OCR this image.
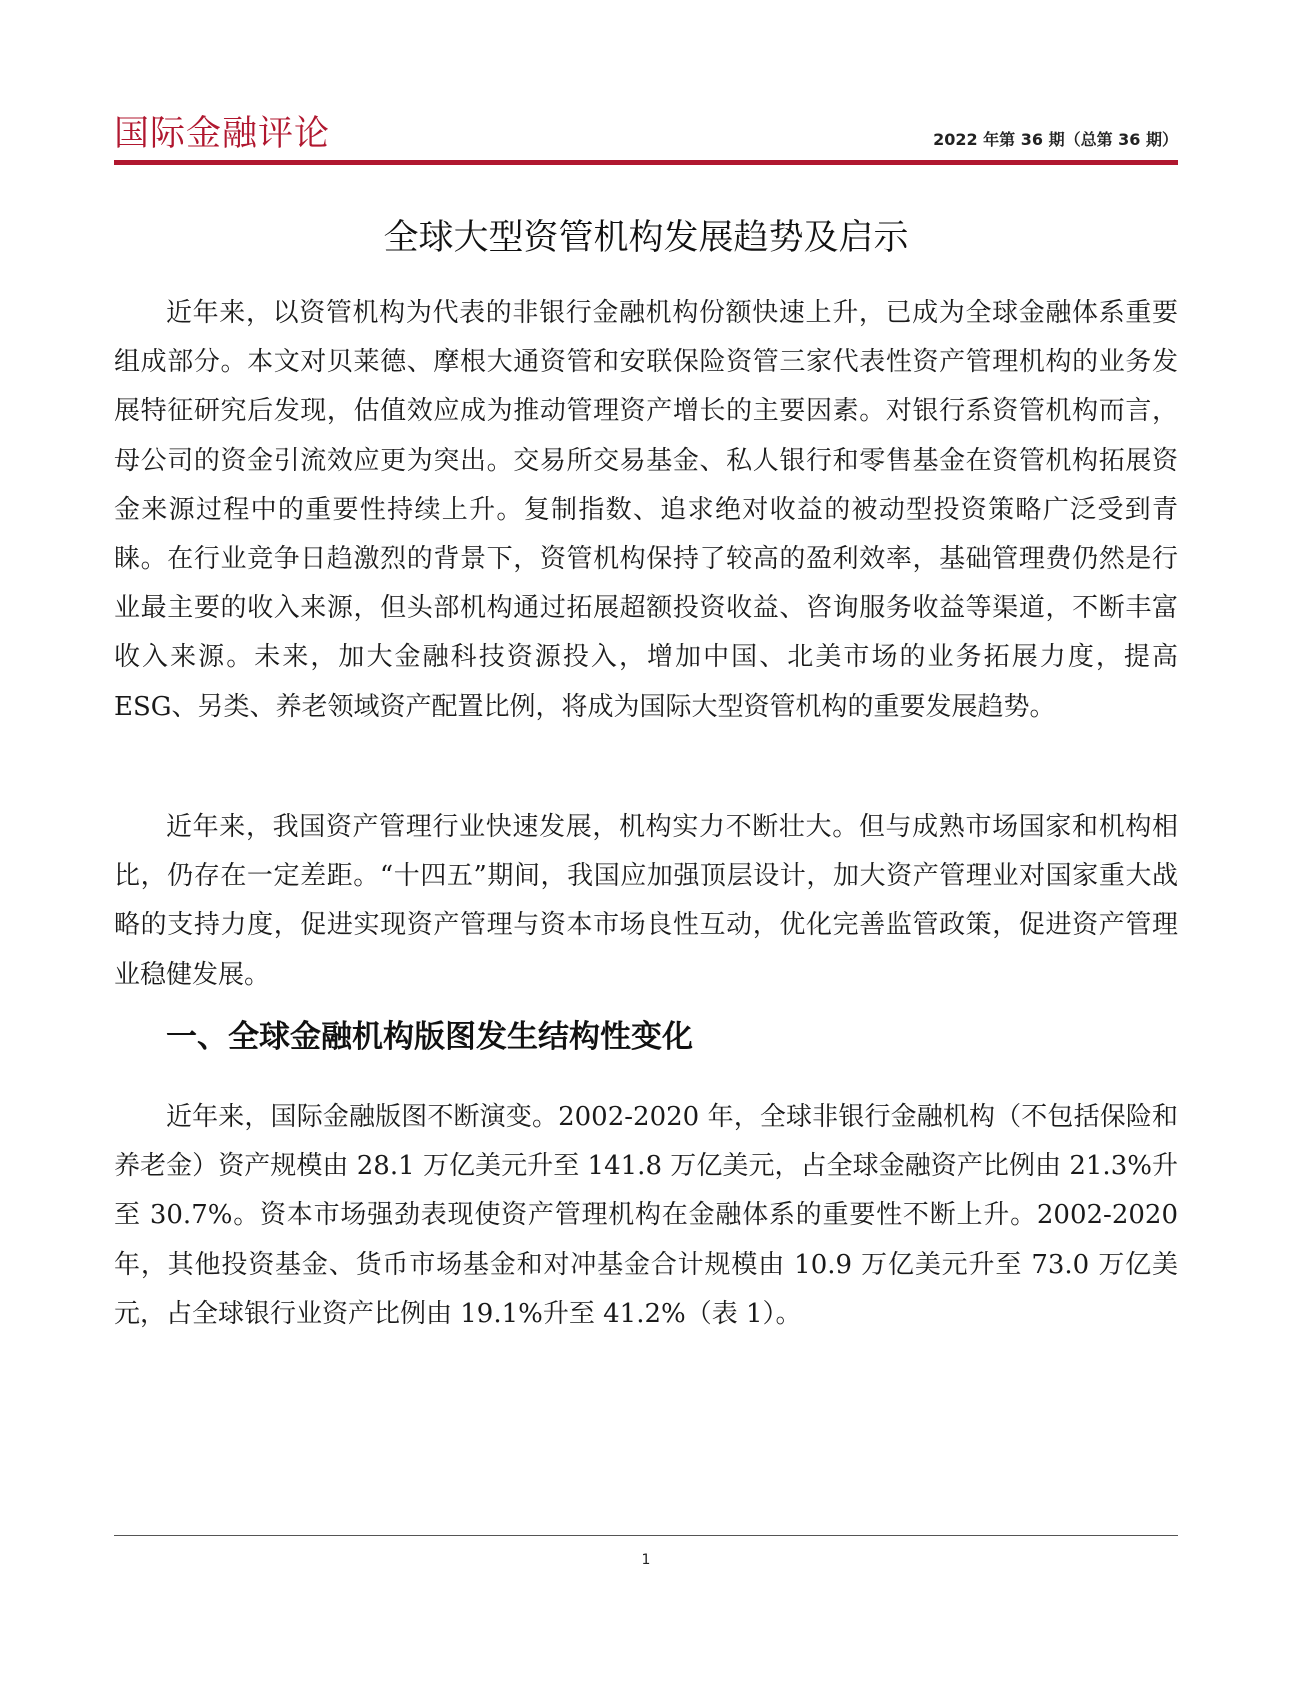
国际金融评论	2022 年第 36 期（总第 36 期）
全球大型资管机构发展趋势及启示

近年来，以资管机构为代表的非银行金融机构份额快速上升，已成为全球金融体系重要组成部分。本文对贝莱德、摩根大通资管和安联保险资管三家代表性资产管理机构的业务发展特征研究后发现，估值效应成为推动管理资产增长的主要因素。对银行系资管机构而言，母公司的资金引流效应更为突出。交易所交易基金、私人银行和零售基金在资管机构拓展资金来源过程中的重要性持续上升。复制指数、追求绝对收益的被动型投资策略广泛受到青睐。在行业竞争日趋激烈的背景下，资管机构保持了较高的盈利效率，基础管理费仍然是行业最主要的收入来源，但头部机构通过拓展超额投资收益、咨询服务收益等渠道，不断丰富收入来源。未来，加大金融科技资源投入，增加中国、北美市场的业务拓展力度，提高 ESG、另类、养老领域资产配置比例，将成为国际大型资管机构的重要发展趋势。

近年来，我国资产管理行业快速发展，机构实力不断壮大。但与成熟市场国家和机构相比，仍存在一定差距。“十四五”期间，我国应加强顶层设计，加大资产管理业对国家重大战略的支持力度，促进实现资产管理与资本市场良性互动，优化完善监管政策，促进资产管理业稳健发展。

一、全球金融机构版图发生结构性变化

近年来，国际金融版图不断演变。2002-2020 年，全球非银行金融机构（不包括保险和养老金）资产规模由 28.1 万亿美元升至 141.8 万亿美元，占全球金融资产比例由 21.3%升至 30.7%。资本市场强劲表现使资产管理机构在金融体系的重要性不断上升。2002-2020 年，其他投资基金、货币市场基金和对冲基金合计规模由 10.9 万亿美元升至 73.0 万亿美元，占全球银行业资产比例由 19.1%升至 41.2%（表 1）。

1
